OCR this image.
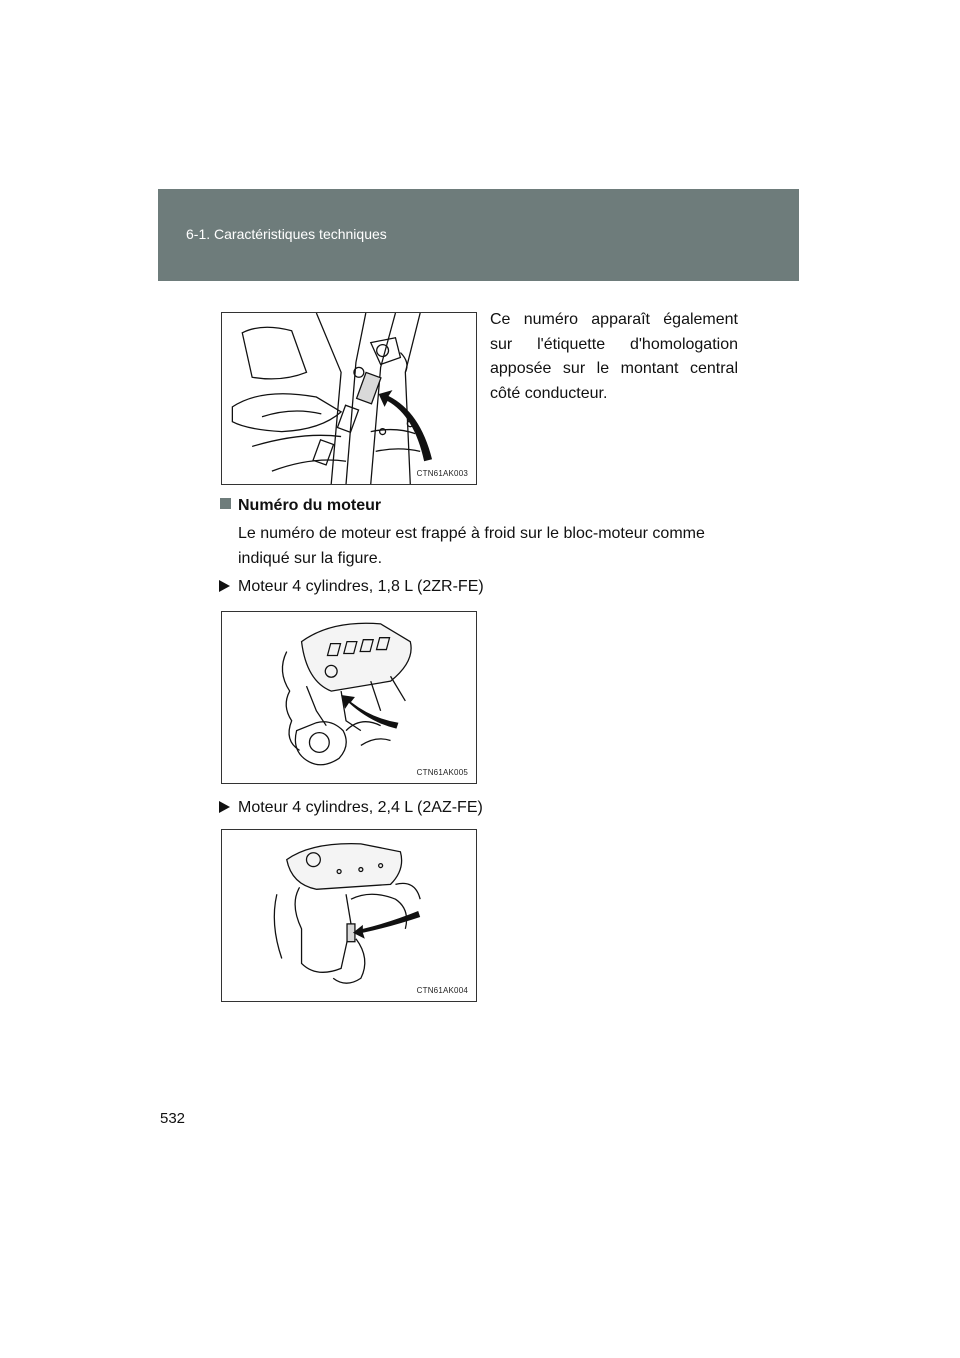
6-1. Caractéristiques techniques
CTN61AK003
Ce numéro apparaît également sur l'étiquette d'homologation apposée sur le montant central côté conducteur.
Numéro du moteur
Le numéro de moteur est frappé à froid sur le bloc-moteur comme indiqué sur la figure.
Moteur 4 cylindres, 1,8 L (2ZR-FE)
CTN61AK005
Moteur 4 cylindres, 2,4 L (2AZ-FE)
CTN61AK004
532
